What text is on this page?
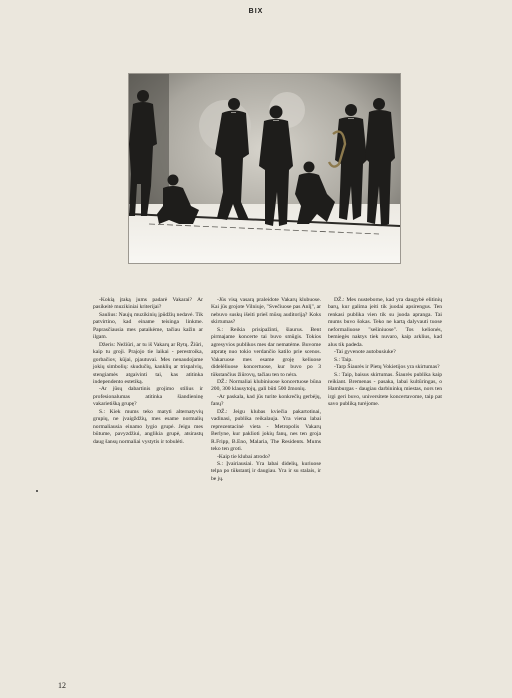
BIX

-Kokią įtaką jums padarė Vakarai? Ar pasikeitė muzikiniai kriterijai?

Saulius: Naujų muzikinių įpūdžių nedavė. Tik patvirtino, kad einame teisinga linkme. Paprasčiausia mes pataikėme, tačiau kažin ar ilgam.

Džeris: Nežiūri, ar tu iš Vakarų ar Rytų. Žiūri, kaip tu groji. Prajojo tie laikai - perestroika, gorbačiov, kūjai, pjautuvai. Mes nenaudojame jokių simbolių: skudučių, kanklių ar trispalvių, stengiamės atgaivinti tai, kas atitinka independento estetiką.

-Ar jūsų dabartinis grojimo stilius ir profesionalumas atitinka šiandieninę vakarietišką grupę?

S.: Kiek mums teko matyti alternatyvių grupių, ne įvaigždžių, mes esame normalių normaliausia einamo lygio grupė. Jeigu mes būtume, pavyzdžiui, anglikia grupė, atsirastų daug šansų normaliai vystytis ir tobulėti.

-Jūs visą vasarą praleidote Vakarų klubuose. Kai jūs grojote Vilniuje, "Svečiuose pas Anlį", ar nebuvo suskų išeiti prieš mūsų auditoriją? Koks skirtumas?

S.: Reikia prisipažinti, šiaurus. Bent pirmajame koncerte tai buvo smūgis. Tokios agresyvios publikos mes dar nematėme. Buvome atpratę nuo tokio verdančio katilo prie scenos. Vakaruose mes esame groję keliuose didelėliuose koncertuose, kur buvo po 3 tūkstančius žiūrovų, tačiau ten to nėra.

DŽ.: Normaliai klubiniuose koncertuose būna 200, 300 klausytojų, gali būti 500 žmonių.

-Ar paskala, kad jūs turite konkrečių gerbėjų, fanų?

DŽ.: Jeigu klubas kviečia pakartotinai, vadinasi, publika reikalauja. Yra viena labai reprezentacinė vieta - Metropolis Vakarų Berlyne, kur paklioti jokių fanų, nes ten groja R.Fripp, B.Eno, Malaria, The Residents. Mums teko ten groti.

-Kaip tie klubai atrodo?

S.: Įvairiausiai. Yra labai didelių, kuriuose telpa po tūkstantį ir daugiau. Yra ir su stalais, ir be jų.

DŽ.: Mes nusteborne, kad yra daugybė elitinių barų, kur galima įeiti tik juodai apsirengus. Ten renkasi publika vien tik su juoda apranga. Tai mums buvo šokas. Teko ne kartą dalyvauti tuose neformaliuose "sešiniuose". Tos kelionės, bemiegės naktys tiek nuvaro, kaip arklius, kad alus tik padeda.

-Tai gyvenote autobusiuke?

S.: Taip.

-Tarp Šiaurės ir Pietų Vokietijos yra skirtumas?

S.: Taip, baisus skirtumas. Šiaurės publika kaip reikiant. Bremenas - pasaka, labai kultūringas, o Hamburgas - daugiau darbininkų miestas, nors ten irgi geri buvo, universitete koncertavome, taip pat savo publiką turėjome.

12
